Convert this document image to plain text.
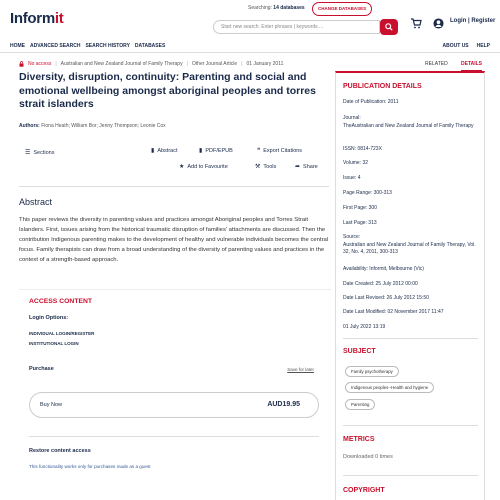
Informit
Searching: 14 databases	CHANGE DATABASES
Start new search. Enter phrases | keywords ...
Login | Register
HOME ADVANCED SEARCH SEARCH HISTORY DATABASES	ABOUT US HELP
No access | Australian and New Zealand Journal of Family Therapy | Other Journal Article | 01 January 2011	RELATED	DETAILS
Diversity, disruption, continuity: Parenting and social and emotional wellbeing amongst aboriginal peoples and torres strait islanders
Authors: Fiona Heath; William Bor; Jenny Thompson; Leonie Cox
☰ Sections	▮ Abstract	▮ PDF/EPUB	❝ Export Citations
★ Add to Favourite	⚒ Tools	➦ Share
Abstract
This paper reviews the diversity in parenting values and practices amongst Aboriginal peoples and Torres Strait Islanders. First, issues arising from the historical traumatic disruption of families' attachments are discussed. Then the contribution Indigenous parenting makes to the development of healthy and vulnerable individuals becomes the central focus. Family therapists can draw from a broad understanding of the diversity of parenting values and practices in the context of a strength-based approach.
ACCESS CONTENT
Login Options:
INDIVIDUAL LOGIN/REGISTER
INSTITUTIONAL LOGIN
Purchase	Save for later
Buy Now	AUD19.95
Restore content access
This functionality works only for purchases made as a guest
PUBLICATION DETAILS
Date of Publication: 2011
Journal:
TheAustralian and New Zealand Journal of Family Therapy
ISSN: 0814-723X
Volume: 32
Issue: 4
Page Range: 300-313
First Page: 300
Last Page: 313
Source:
Australian and New Zealand Journal of Family Therapy, Vol. 32, No. 4, 2011, 300-313
Availability: Informit, Melbourne (Vic)
Date Created: 25 July 2012 00:00
Date Last Revised: 26 July 2012 15:50
Date Last Modified: 02 November 2017 11:47
01 July 2022 13:19
SUBJECT
Family psychotherapy
Indigenous peoples--Health and hygiene
Parenting
METRICS
Downloaded 0 times
COPYRIGHT
